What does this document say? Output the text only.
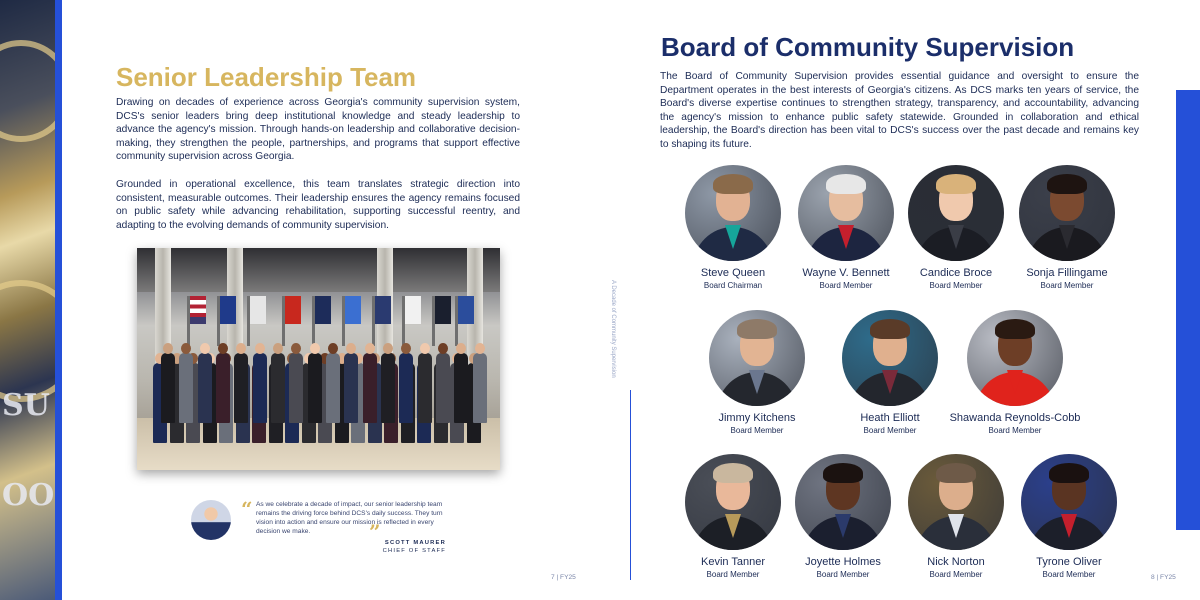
SU
OO
Senior Leadership Team

Drawing on decades of experience across Georgia's community supervision system, DCS's senior leaders bring deep institutional knowledge and steady leadership to advance the agency's mission. Through hands-on leadership and collaborative decision-making, they strengthen the people, partnerships, and programs that support effective community supervision across Georgia.

Grounded in operational excellence, this team translates strategic direction into consistent, measurable outcomes. Their leadership ensures the agency remains focused on public safety while advancing rehabilitation, supporting successful reentry, and adapting to the evolving demands of community supervision.

“ As we celebrate a decade of impact, our senior leadership team remains the driving force behind DCS's daily success. They turn vision into action and ensure our mission is reflected in every decision we make.	” SCOTT MAURER
CHIEF OF STAFF
7 | FY25
A Decade of Community Supervision
Board of Community Supervision

The Board of Community Supervision provides essential guidance and oversight to ensure the Department operates in the best interests of Georgia's citizens. As DCS marks ten years of service, the Board's diverse expertise continues to strengthen strategy, transparency, and accountability, advancing the agency's mission to enhance public safety statewide. Grounded in collaboration and ethical leadership, the Board's direction has been vital to DCS's success over the past decade and remains key to shaping its future.

Steve Queen
Board Chairman
Wayne V. Bennett
Board Member
Candice Broce
Board Member
Sonja Fillingame
Board Member
Jimmy Kitchens
Board Member
Heath Elliott
Board Member
Shawanda Reynolds-Cobb
Board Member
Kevin Tanner
Board Member
Joyette Holmes
Board Member
Nick Norton
Board Member
Tyrone Oliver
Board Member	8 | FY25
